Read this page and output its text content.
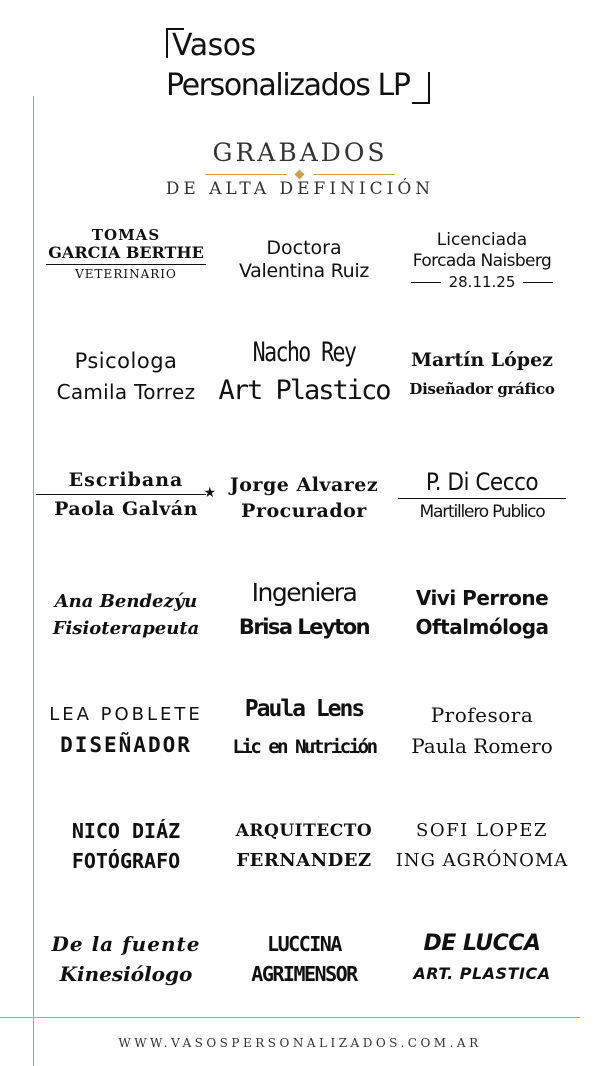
Vasos
Personalizados LP
GRABADOS
DE ALTA DEFINICIÓN
TOMAS
GARCIA BERTHE
VETERINARIO
Doctora
Valentina Ruiz
Licenciada
Forcada Naisberg
28.11.25
Psicologa
Camila Torrez
Nacho Rey
Art Plastico
Martín López
Diseñador gráfico
Escribana
★
Paola Galván
Jorge Alvarez
Procurador
P. Di Cecco
Martillero Publico
Ana Bendezýu
Fisioterapeuta
Ingeniera
Brisa Leyton
Vivi Perrone
Oftalmóloga
LEA POBLETE
DISEÑADOR
Paula Lens
Lic en Nutrición
Profesora
Paula Romero
NICO DIÁZ
FOTÓGRAFO
ARQUITECTO
FERNANDEZ
SOFI LOPEZ
ING AGRÓNOMA
De la fuente
Kinesiólogo
LUCCINA
AGRIMENSOR
DE LUCCA
ART. PLASTICA
WWW.VASOSPERSONALIZADOS.COM.AR
